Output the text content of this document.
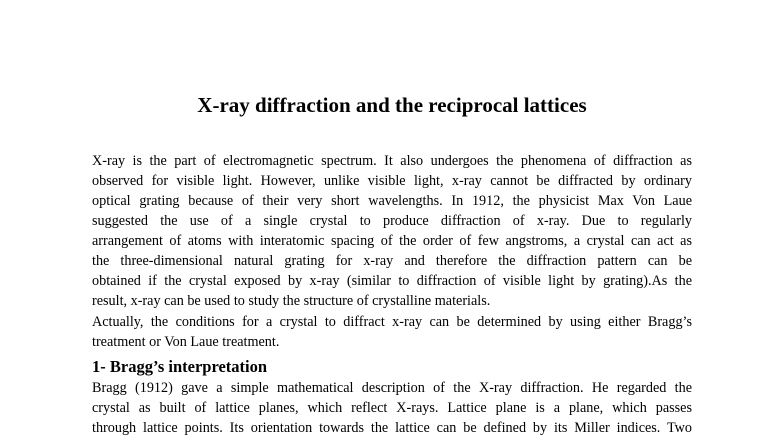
X-ray diffraction and the reciprocal lattices
X-ray is the part of electromagnetic spectrum. It also undergoes the phenomena of diffraction as
observed for visible light. However, unlike visible light, x-ray cannot be diffracted by ordinary
optical grating because of their very short wavelengths. In 1912, the physicist Max Von Laue
suggested the use of a single crystal to produce diffraction of x-ray. Due to regularly
arrangement of atoms with interatomic spacing of the order of few angstroms, a crystal can act as
the three-dimensional natural grating for x-ray and therefore the diffraction pattern can be
obtained if the crystal exposed by x-ray (similar to diffraction of visible light by grating).As the
result, x-ray can be used to study the structure of crystalline materials.
Actually, the conditions for a crystal to diffract x-ray can be determined by using either Bragg’s
treatment or Von Laue treatment.
1- Bragg’s interpretation
Bragg (1912) gave a simple mathematical description of the X-ray diffraction. He regarded the
crystal as built of lattice planes, which reflect X-rays. Lattice plane is a plane, which passes
through lattice points. Its orientation towards the lattice can be defined by its Miller indices. Two
